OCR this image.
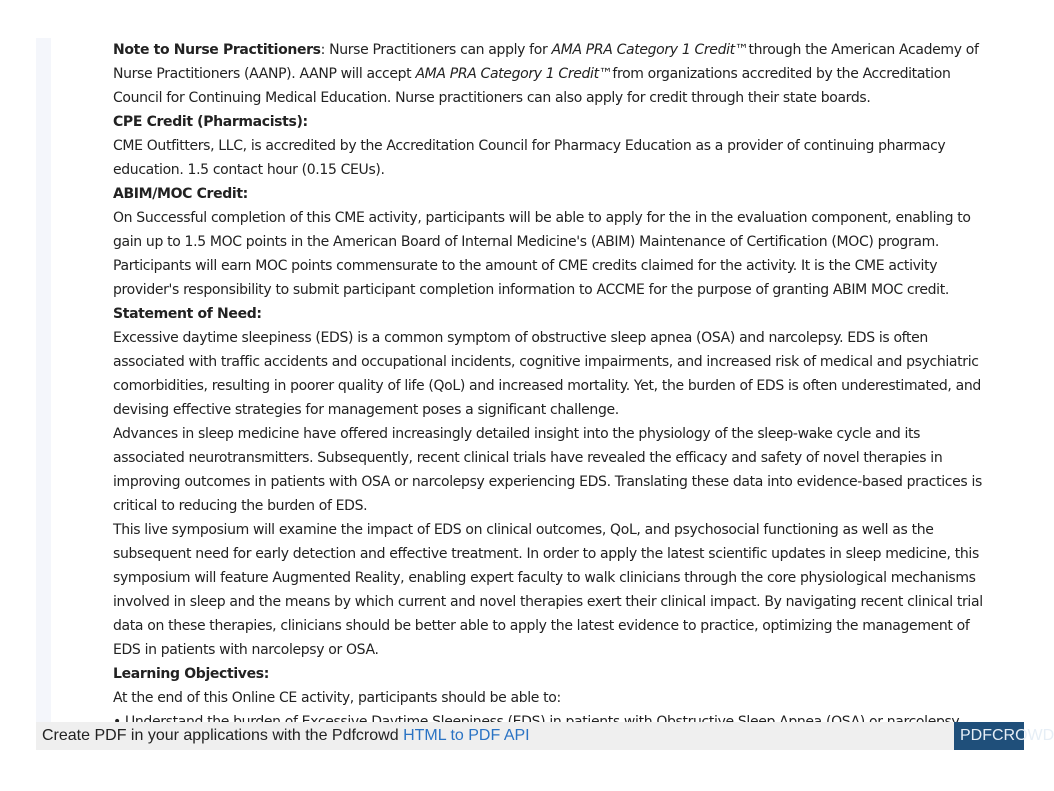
Note to Nurse Practitioners: Nurse Practitioners can apply for AMA PRA Category 1 Credit™through the American Academy of Nurse Practitioners (AANP). AANP will accept AMA PRA Category 1 Credit™from organizations accredited by the Accreditation Council for Continuing Medical Education. Nurse practitioners can also apply for credit through their state boards.

CPE Credit (Pharmacists):

CME Outfitters, LLC, is accredited by the Accreditation Council for Pharmacy Education as a provider of continuing pharmacy education. 1.5 contact hour (0.15 CEUs).

ABIM/MOC Credit:

On Successful completion of this CME activity, participants will be able to apply for the in the evaluation component, enabling to gain up to 1.5 MOC points in the American Board of Internal Medicine's (ABIM) Maintenance of Certification (MOC) program. Participants will earn MOC points commensurate to the amount of CME credits claimed for the activity. It is the CME activity provider's responsibility to submit participant completion information to ACCME for the purpose of granting ABIM MOC credit.

Statement of Need:

Excessive daytime sleepiness (EDS) is a common symptom of obstructive sleep apnea (OSA) and narcolepsy. EDS is often associated with traffic accidents and occupational incidents, cognitive impairments, and increased risk of medical and psychiatric comorbidities, resulting in poorer quality of life (QoL) and increased mortality. Yet, the burden of EDS is often underestimated, and devising effective strategies for management poses a significant challenge.

Advances in sleep medicine have offered increasingly detailed insight into the physiology of the sleep-wake cycle and its associated neurotransmitters. Subsequently, recent clinical trials have revealed the efficacy and safety of novel therapies in improving outcomes in patients with OSA or narcolepsy experiencing EDS. Translating these data into evidence-based practices is critical to reducing the burden of EDS.

This live symposium will examine the impact of EDS on clinical outcomes, QoL, and psychosocial functioning as well as the subsequent need for early detection and effective treatment. In order to apply the latest scientific updates in sleep medicine, this symposium will feature Augmented Reality, enabling expert faculty to walk clinicians through the core physiological mechanisms involved in sleep and the means by which current and novel therapies exert their clinical impact. By navigating recent clinical trial data on these therapies, clinicians should be better able to apply the latest evidence to practice, optimizing the management of EDS in patients with narcolepsy or OSA.

Learning Objectives:

At the end of this Online CE activity, participants should be able to:

Create PDF in your applications with the Pdfcrowd HTML to PDF API	PDFCROWD
